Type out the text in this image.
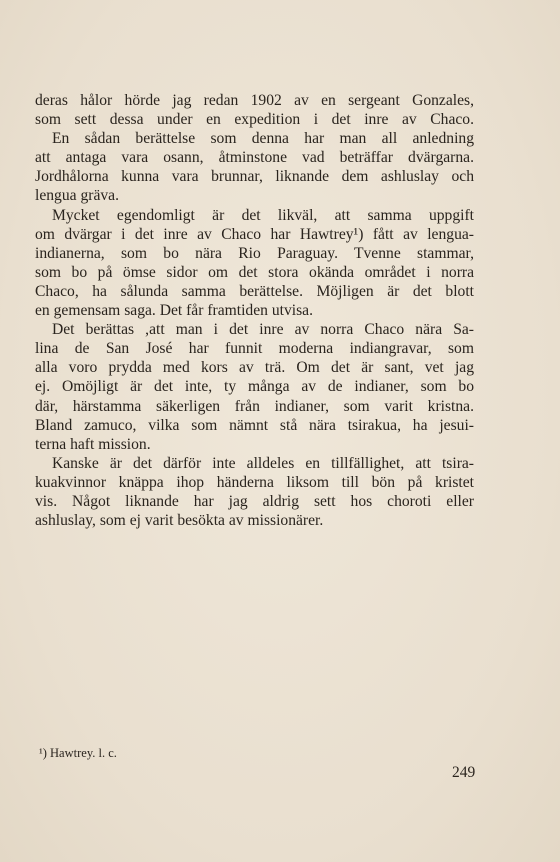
deras hålor hörde jag redan 1902 av en sergeant Gonzales,
som sett dessa under en expedition i det inre av Chaco.
En sådan berättelse som denna har man all anledning
att antaga vara osann, åtminstone vad beträffar dvärgarna.
Jordhålorna kunna vara brunnar, liknande dem ashluslay och
lengua gräva.
Mycket egendomligt är det likväl, att samma uppgift
om dvärgar i det inre av Chaco har Hawtrey¹) fått av lengua-
indianerna, som bo nära Rio Paraguay. Tvenne stammar,
som bo på ömse sidor om det stora okända området i norra
Chaco, ha sålunda samma berättelse. Möjligen är det blott
en gemensam saga. Det får framtiden utvisa.
Det berättas ,att man i det inre av norra Chaco nära Sa-
lina de San José har funnit moderna indiangravar, som
alla voro prydda med kors av trä. Om det är sant, vet jag
ej. Omöjligt är det inte, ty många av de indianer, som bo
där, härstamma säkerligen från indianer, som varit kristna.
Bland zamuco, vilka som nämnt stå nära tsirakua, ha jesui-
terna haft mission.
Kanske är det därför inte alldeles en tillfällighet, att tsira-
kuakvinnor knäppa ihop händerna liksom till bön på kristet
vis. Något liknande har jag aldrig sett hos choroti eller
ashluslay, som ej varit besökta av missionärer.
¹) Hawtrey. l. c.
249
